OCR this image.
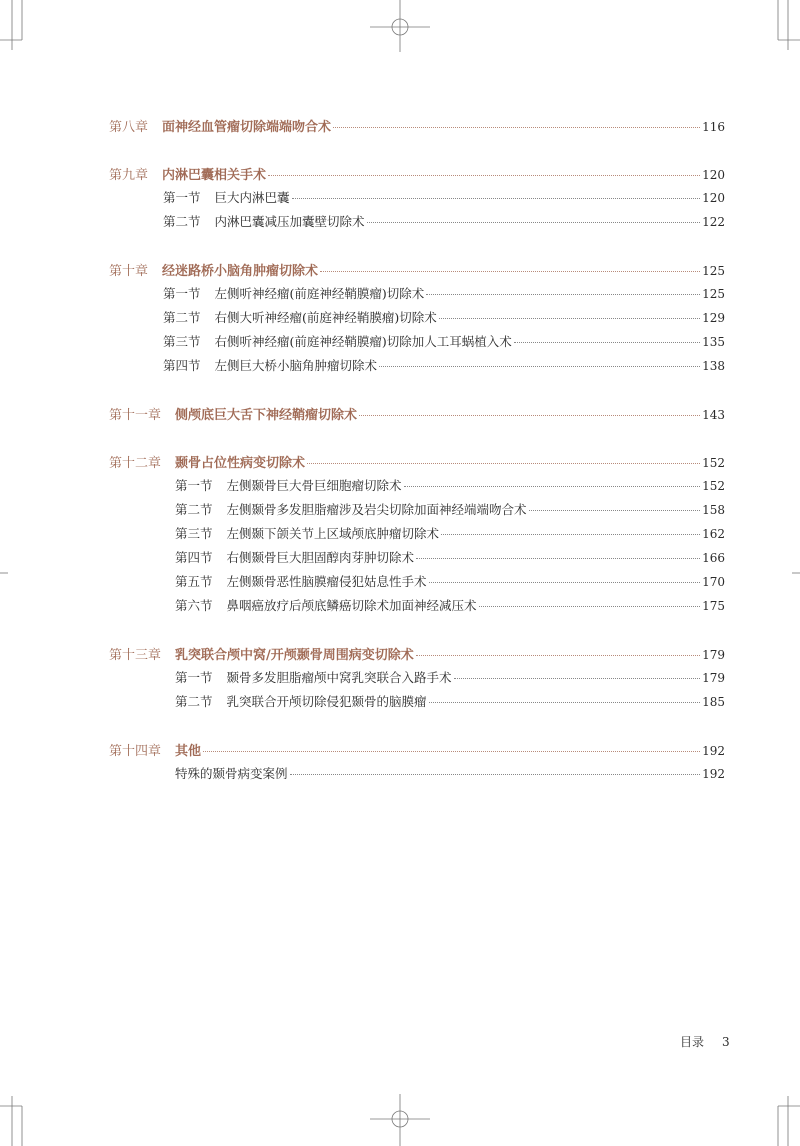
第八章 面神经血管瘤切除端端吻合术	116
第九章 内淋巴囊相关手术	120
第一节 巨大内淋巴囊	120
第二节 内淋巴囊减压加囊壁切除术	122
第十章 经迷路桥小脑角肿瘤切除术	125
第一节 左侧听神经瘤(前庭神经鞘膜瘤)切除术	125
第二节 右侧大听神经瘤(前庭神经鞘膜瘤)切除术	129
第三节 右侧听神经瘤(前庭神经鞘膜瘤)切除加人工耳蜗植入术	135
第四节 左侧巨大桥小脑角肿瘤切除术	138
第十一章 侧颅底巨大舌下神经鞘瘤切除术	143
第十二章 颞骨占位性病变切除术	152
第一节 左侧颞骨巨大骨巨细胞瘤切除术	152
第二节 左侧颞骨多发胆脂瘤涉及岩尖切除加面神经端端吻合术	158
第三节 左侧颞下颌关节上区域颅底肿瘤切除术	162
第四节 右侧颞骨巨大胆固醇肉芽肿切除术	166
第五节 左侧颞骨恶性脑膜瘤侵犯姑息性手术	170
第六节 鼻咽癌放疗后颅底鳞癌切除术加面神经减压术	175
第十三章 乳突联合颅中窝/开颅颞骨周围病变切除术	179
第一节 颞骨多发胆脂瘤颅中窝乳突联合入路手术	179
第二节 乳突联合开颅切除侵犯颞骨的脑膜瘤	185
第十四章 其他	192
特殊的颞骨病变案例	192
目录 3
